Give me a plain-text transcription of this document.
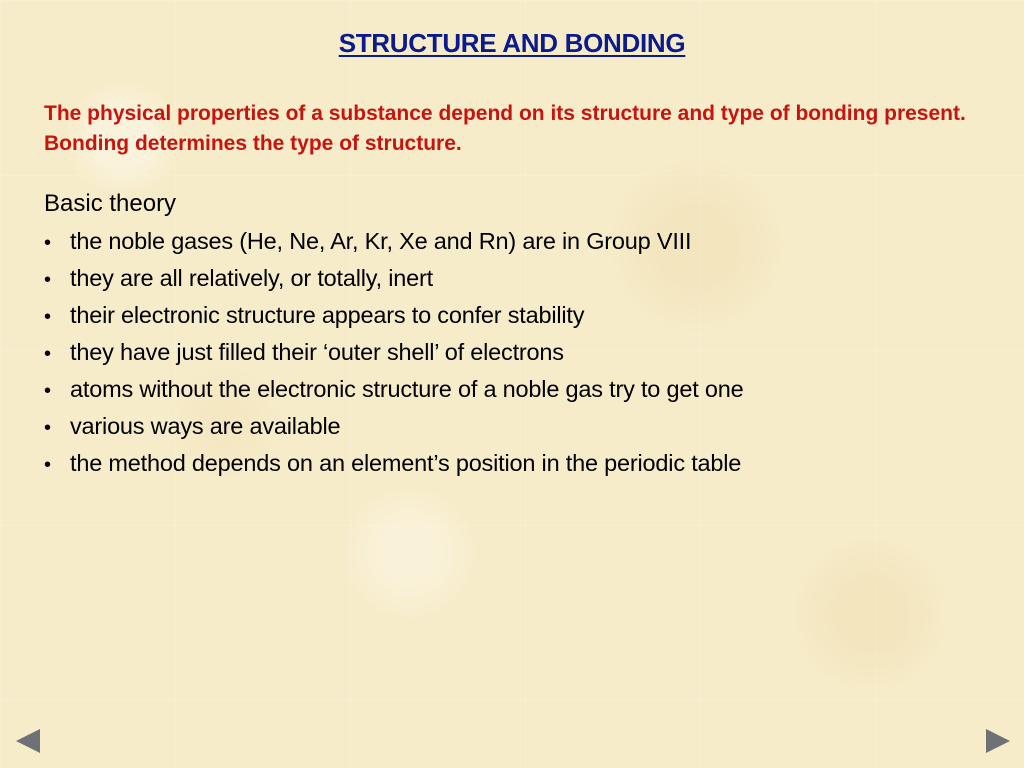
STRUCTURE AND BONDING
The physical properties of a substance depend on its structure and type of bonding present. Bonding determines the type of structure.
Basic theory
• the noble gases (He, Ne, Ar, Kr, Xe and Rn) are in Group VIII
• they are all relatively, or totally, inert
• their electronic structure appears to confer stability
• they have just filled their ‘outer shell’ of electrons
• atoms without the electronic structure of a noble gas try to get one
• various ways are available
• the method depends on an element’s position in the periodic table
